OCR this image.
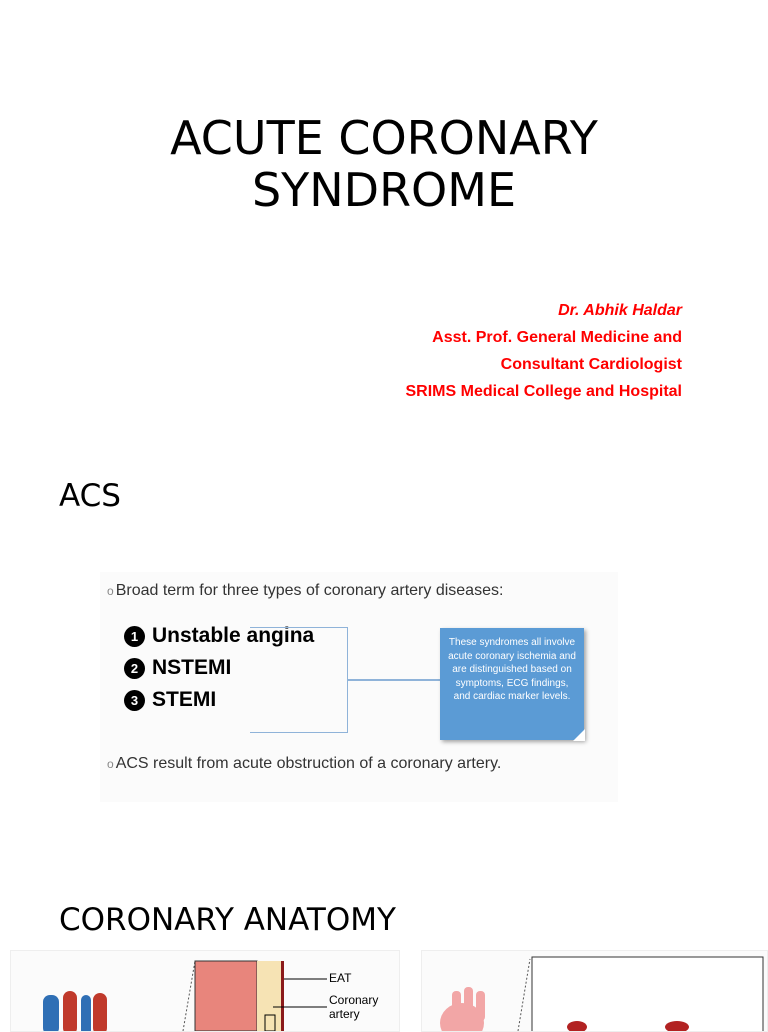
ACUTE CORONARY
SYNDROME
Dr. Abhik Haldar
Asst. Prof. General Medicine and
Consultant Cardiologist
SRIMS Medical College and Hospital
ACS
o Broad term for three types of coronary artery diseases:
1 Unstable angina
2 NSTEMI
3 STEMI
These syndromes all involve acute coronary ischemia and are distinguished based on symptoms, ECG findings, and cardiac marker levels.
o ACS result from acute obstruction of a coronary artery.
CORONARY ANATOMY
EAT
Coronary
artery
